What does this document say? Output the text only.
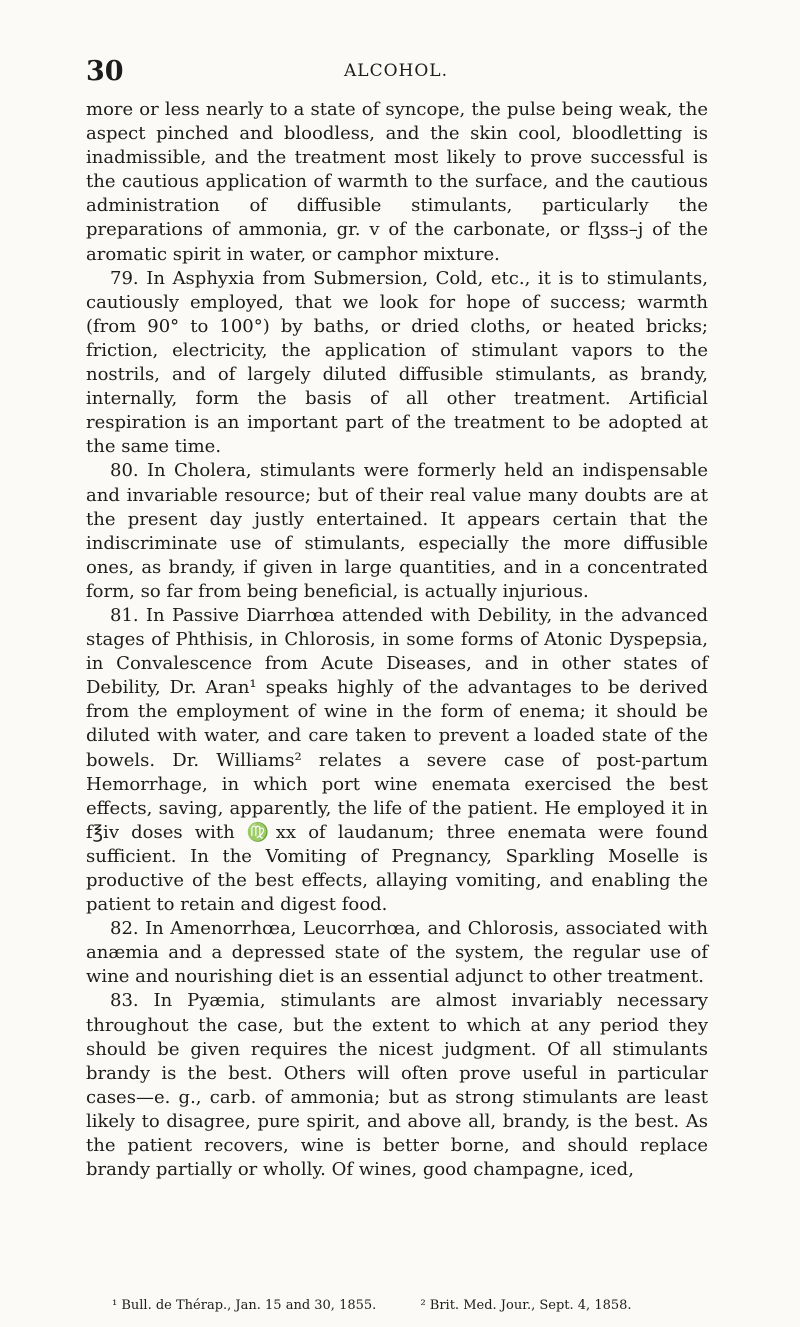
30	ALCOHOL.

more or less nearly to a state of syncope, the pulse being weak, the aspect pinched and bloodless, and the skin cool, bloodletting is inadmissible, and the treatment most likely to prove successful is the cautious application of warmth to the surface, and the cautious administration of diffusible stimulants, particularly the preparations of ammonia, gr. v of the carbonate, or flʒss–j of the aromatic spirit in water, or camphor mixture.

79. In Asphyxia from Submersion, Cold, etc., it is to stimulants, cautiously employed, that we look for hope of success; warmth (from 90° to 100°) by baths, or dried cloths, or heated bricks; friction, electricity, the application of stimulant vapors to the nostrils, and of largely diluted diffusible stimulants, as brandy, internally, form the basis of all other treatment. Artificial respiration is an important part of the treatment to be adopted at the same time.

80. In Cholera, stimulants were formerly held an indispensable and invariable resource; but of their real value many doubts are at the present day justly entertained. It appears certain that the indiscriminate use of stimulants, especially the more diffusible ones, as brandy, if given in large quantities, and in a concentrated form, so far from being beneficial, is actually injurious.

81. In Passive Diarrhœa attended with Debility, in the advanced stages of Phthisis, in Chlorosis, in some forms of Atonic Dyspepsia, in Convalescence from Acute Diseases, and in other states of Debility, Dr. Aran¹ speaks highly of the advantages to be derived from the employment of wine in the form of enema; it should be diluted with water, and care taken to prevent a loaded state of the bowels. Dr. Williams² relates a severe case of post-partum Hemorrhage, in which port wine enemata exercised the best effects, saving, apparently, the life of the patient. He employed it in f℥iv doses with ♍xx of laudanum; three enemata were found sufficient. In the Vomiting of Pregnancy, Sparkling Moselle is productive of the best effects, allaying vomiting, and enabling the patient to retain and digest food.

82. In Amenorrhœa, Leucorrhœa, and Chlorosis, associated with anæmia and a depressed state of the system, the regular use of wine and nourishing diet is an essential adjunct to other treatment.

83. In Pyæmia, stimulants are almost invariably necessary throughout the case, but the extent to which at any period they should be given requires the nicest judgment. Of all stimulants brandy is the best. Others will often prove useful in particular cases—e. g., carb. of ammonia; but as strong stimulants are least likely to disagree, pure spirit, and above all, brandy, is the best. As the patient recovers, wine is better borne, and should replace brandy partially or wholly. Of wines, good champagne, iced,

¹ Bull. de Thérap., Jan. 15 and 30, 1855.	² Brit. Med. Jour., Sept. 4, 1858.
